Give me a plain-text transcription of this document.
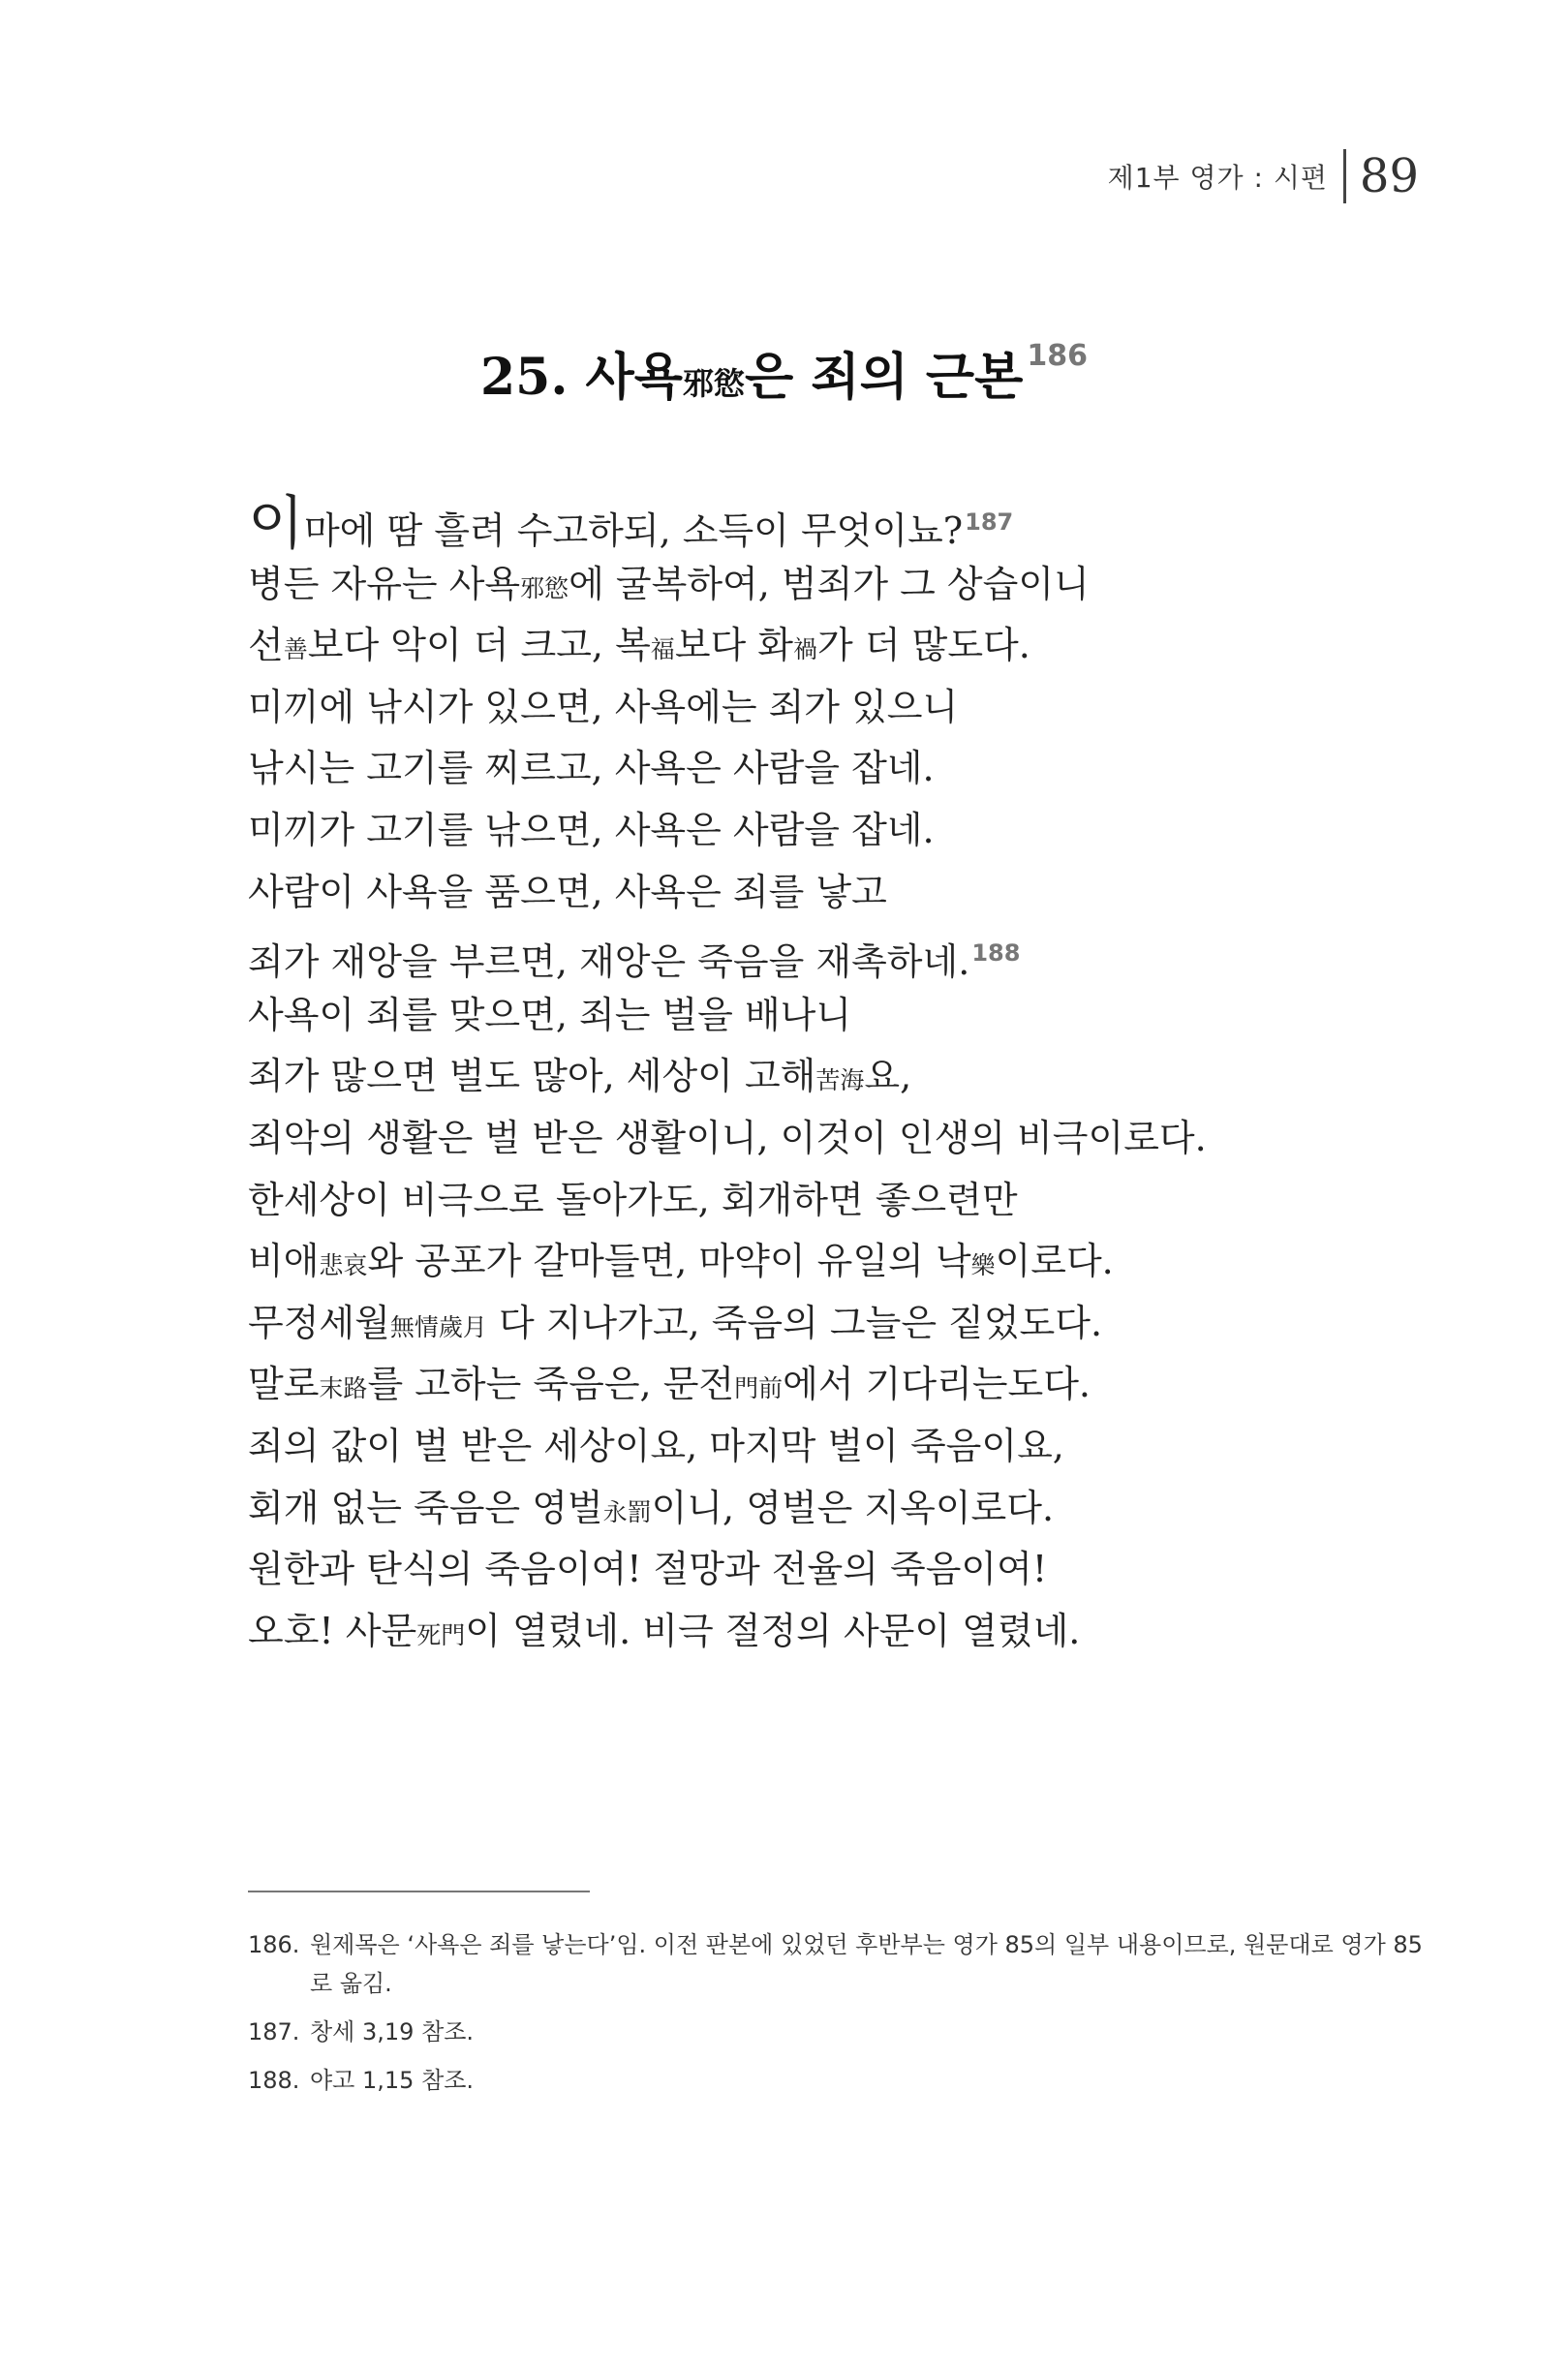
제1부 영가 : 시편 89
25. 사욕邪慾은 죄의 근본 $^{186}$
이마에 땀 흘려 수고하되, 소득이 무엇이뇨?$^{187}$
병든 자유는 사욕邪慾에 굴복하여, 범죄가 그 상습이니
선善보다 악이 더 크고, 복福보다 화禍가 더 많도다.
미끼에 낚시가 있으면, 사욕에는 죄가 있으니
낚시는 고기를 찌르고, 사욕은 사람을 잡네.
미끼가 고기를 낚으면, 사욕은 사람을 잡네.
사람이 사욕을 품으면, 사욕은 죄를 낳고
죄가 재앙을 부르면, 재앙은 죽음을 재촉하네.$^{188}$
사욕이 죄를 맞으면, 죄는 벌을 배나니
죄가 많으면 벌도 많아, 세상이 고해苦海요,
죄악의 생활은 벌 받은 생활이니, 이것이 인생의 비극이로다.
한세상이 비극으로 돌아가도, 회개하면 좋으련만
비애悲哀와 공포가 갈마들면, 마약이 유일의 낙樂이로다.
무정세월無情歲月 다 지나가고, 죽음의 그늘은 짙었도다.
말로末路를 고하는 죽음은, 문전門前에서 기다리는도다.
죄의 값이 벌 받은 세상이요, 마지막 벌이 죽음이요,
회개 없는 죽음은 영벌永罰이니, 영벌은 지옥이로다.
원한과 탄식의 죽음이여! 절망과 전율의 죽음이여!
오호! 사문死門이 열렸네. 비극 절정의 사문이 열렸네.
186. 원제목은 ‘사욕은 죄를 낳는다’임. 이전 판본에 있었던 후반부는 영가 85의 일부 내용이므로, 원문대로 영가 85로 옮김.
187. 창세 3,19 참조.
188. 야고 1,15 참조.
